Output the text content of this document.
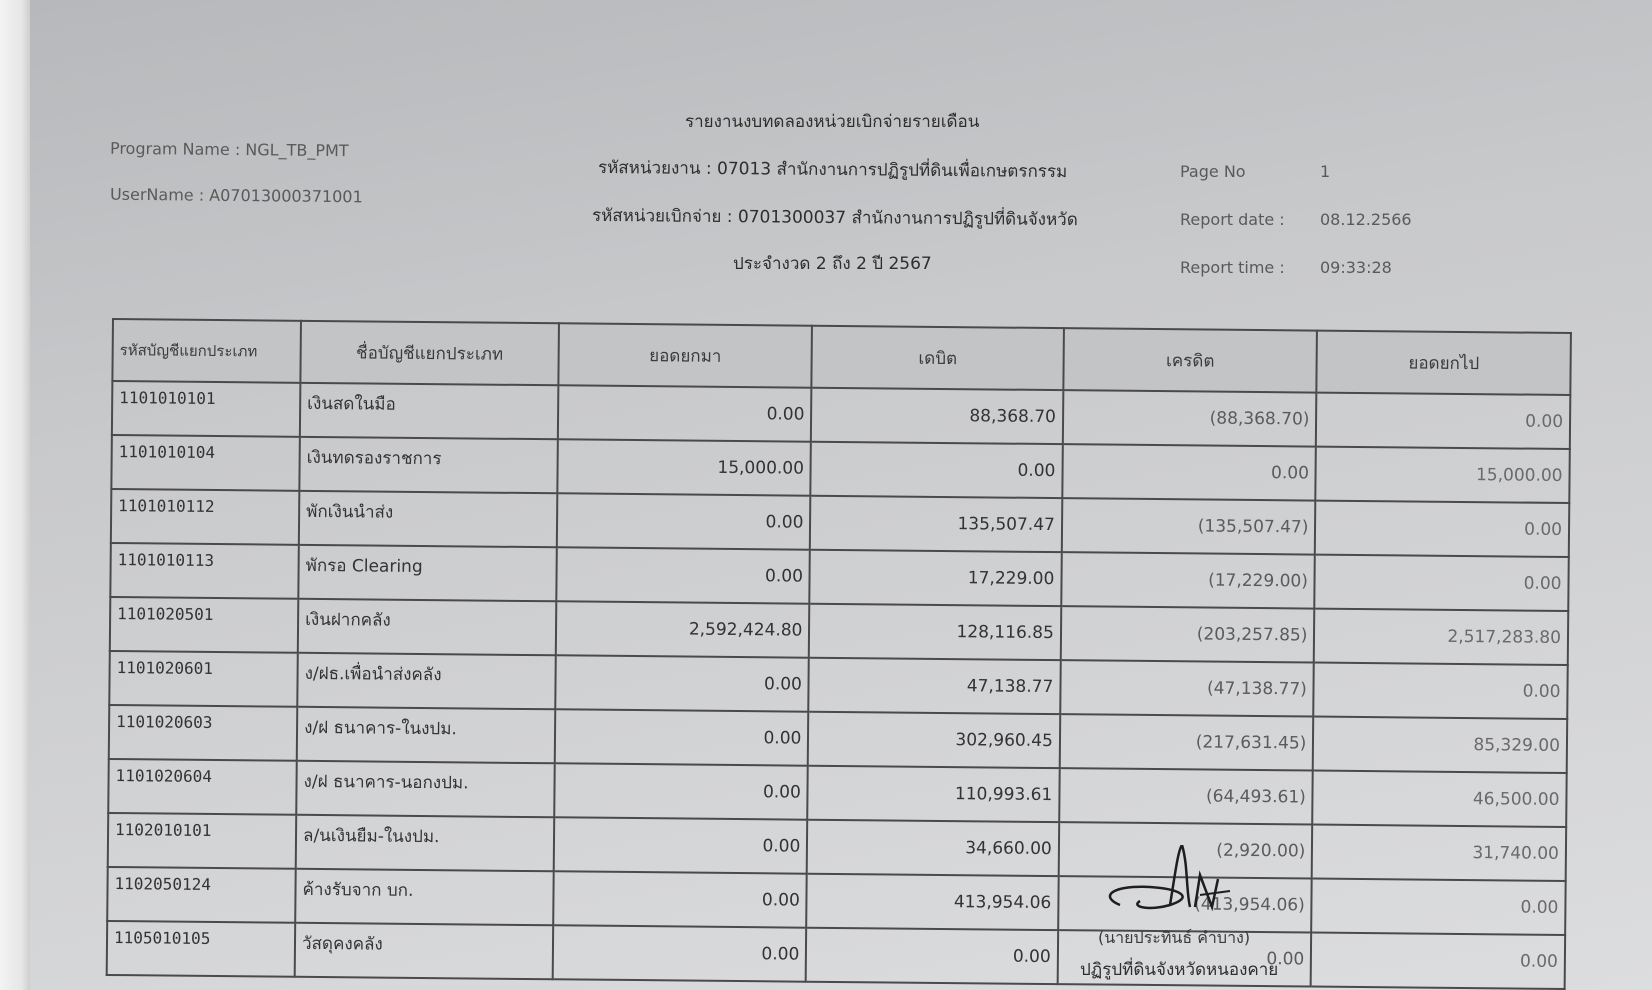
Program Name : NGL_TB_PMT
UserName : A07013000371001
รายงานงบทดลองหน่วยเบิกจ่ายรายเดือน
รหัสหน่วยงาน : 07013 สำนักงานการปฏิรูปที่ดินเพื่อเกษตรกรรม
รหัสหน่วยเบิกจ่าย : 0701300037 สำนักงานการปฏิรูปที่ดินจังหวัด
ประจำงวด 2 ถึง 2 ปี 2567
Page No	1
Report date : 08.12.2566
Report time : 09:33:28
รหัสบัญชีแยกประเภท	ชื่อบัญชีแยกประเภท	ยอดยกมา	เดบิต	เครดิต	ยอดยกไป
1101010101	เงินสดในมือ	0.00	88,368.70	(88,368.70)	0.00
1101010104	เงินทดรองราชการ	15,000.00	0.00	0.00	15,000.00
1101010112	พักเงินนำส่ง	0.00	135,507.47	(135,507.47)	0.00
1101010113	พักรอ Clearing	0.00	17,229.00	(17,229.00)	0.00
1101020501	เงินฝากคลัง	2,592,424.80	128,116.85	(203,257.85)	2,517,283.80
1101020601	ง/ฝธ.เพื่อนำส่งคลัง	0.00	47,138.77	(47,138.77)	0.00
1101020603	ง/ฝ ธนาคาร-ในงปม.	0.00	302,960.45	(217,631.45)	85,329.00
1101020604	ง/ฝ ธนาคาร-นอกงปม.	0.00	110,993.61	(64,493.61)	46,500.00
1102010101	ล/นเงินยืม-ในงปม.	0.00	34,660.00	(2,920.00)	31,740.00
1102050124	ค้างรับจาก บก.	0.00	413,954.06	(413,954.06)	0.00
1105010105	วัสดุคงคลัง	0.00	0.00	0.00	0.00
(นายประทินธ์ คำบาง)
ปฏิรูปที่ดินจังหวัดหนองคาย
